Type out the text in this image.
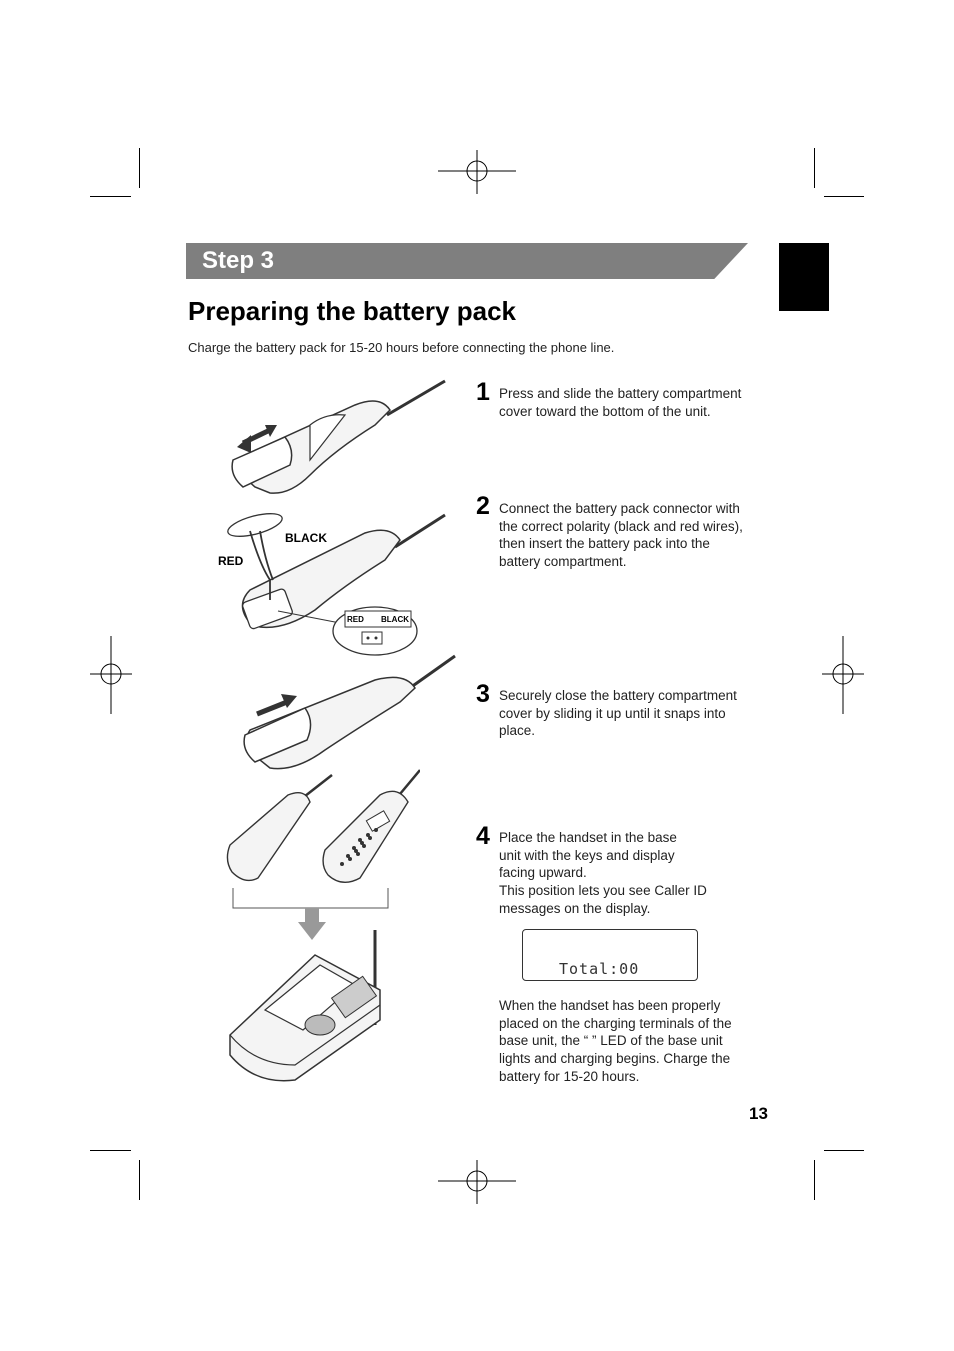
Step 3
Preparing the battery pack
Charge the battery pack for 15-20 hours before connecting the phone line.
BLACK
RED
RED BLACK
1 Press and slide the battery compartment cover toward the bottom of the unit.
2 Connect the battery pack connector with the correct polarity (black and red wires), then insert the battery pack into the battery compartment.
3 Securely close the battery compartment cover by sliding it up until it snaps into place.
4 Place the handset in the base unit with the keys and display facing upward.
This position lets you see Caller ID messages on the display.
Total:00
When the handset has been properly placed on the charging terminals of the base unit, the “ ” LED of the base unit lights and charging begins. Charge the battery for 15-20 hours.
13
